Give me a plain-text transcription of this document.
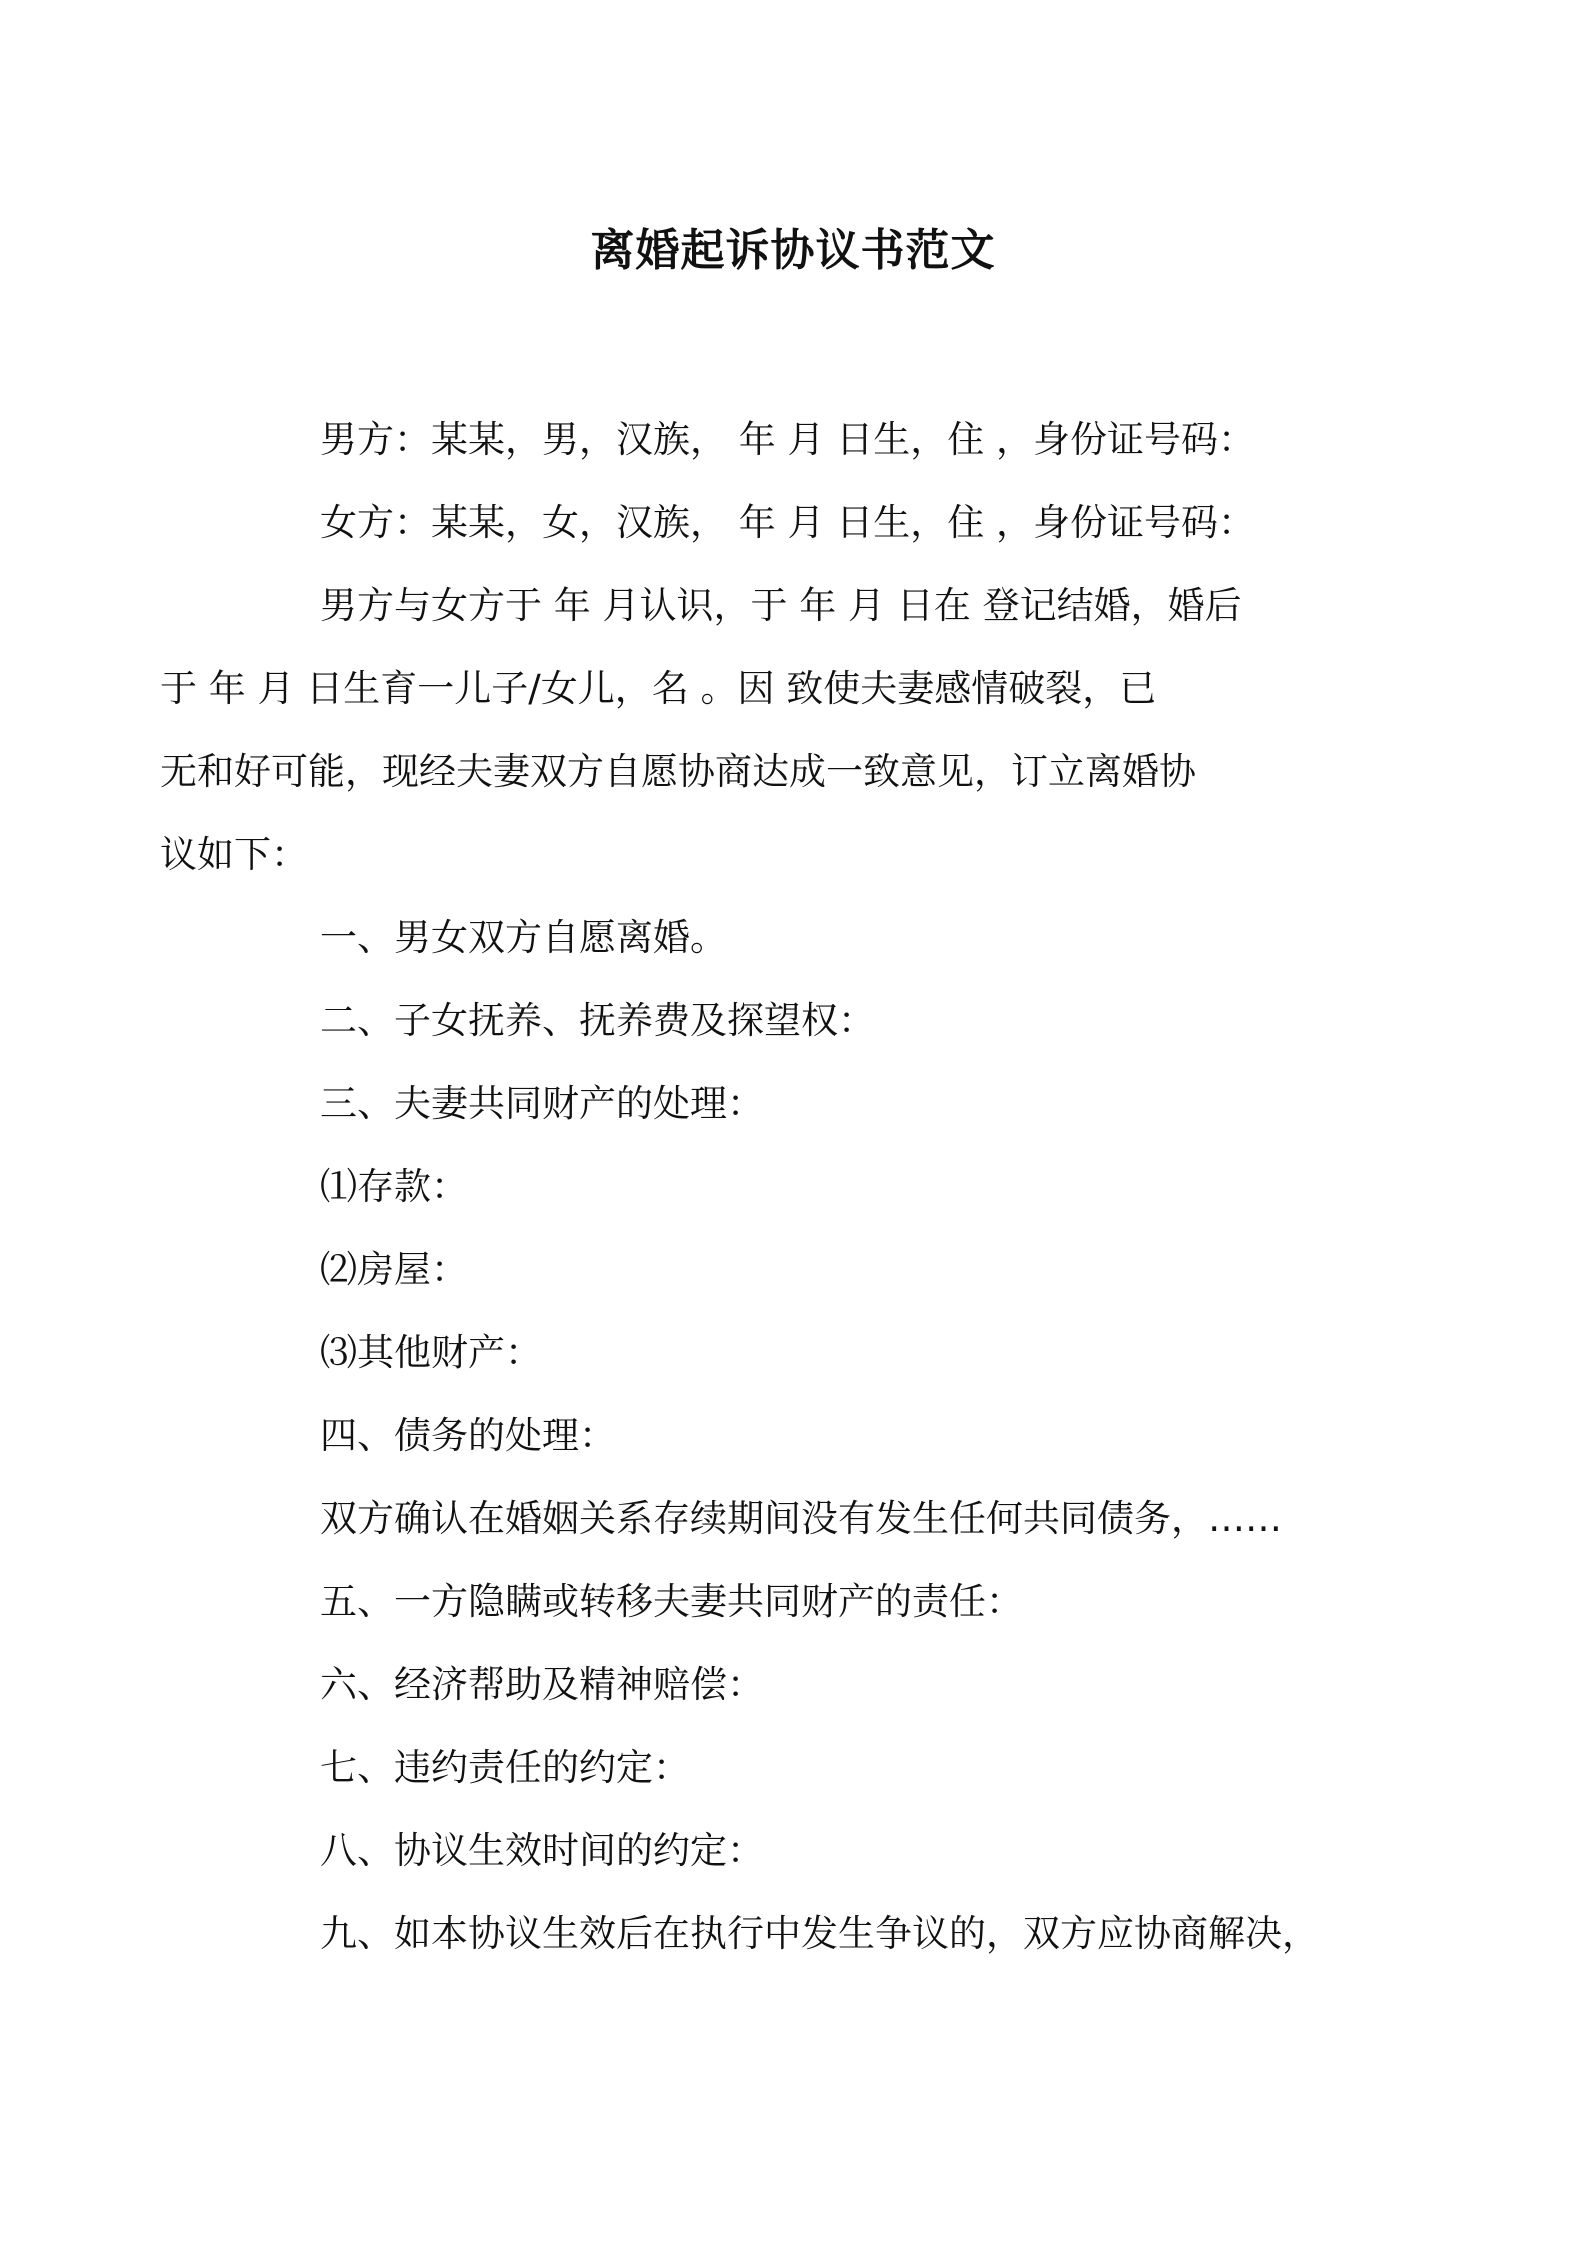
离婚起诉协议书范文
男方：某某，男，汉族， 年 月 日生，住 ，身份证号码：
女方：某某，女，汉族， 年 月 日生，住 ，身份证号码：
男方与女方于 年 月认识，于 年 月 日在 登记结婚，婚后
于 年 月 日生育一儿子/女儿，名 。因 致使夫妻感情破裂，已
无和好可能，现经夫妻双方自愿协商达成一致意见，订立离婚协
议如下：
一、男女双方自愿离婚。
二、子女抚养、抚养费及探望权：
三、夫妻共同财产的处理：
⑴存款：
⑵房屋：
⑶其他财产：
四、债务的处理：
双方确认在婚姻关系存续期间没有发生任何共同债务，……
五、一方隐瞒或转移夫妻共同财产的责任：
六、经济帮助及精神赔偿：
七、违约责任的约定：
八、协议生效时间的约定：
九、如本协议生效后在执行中发生争议的，双方应协商解决，
